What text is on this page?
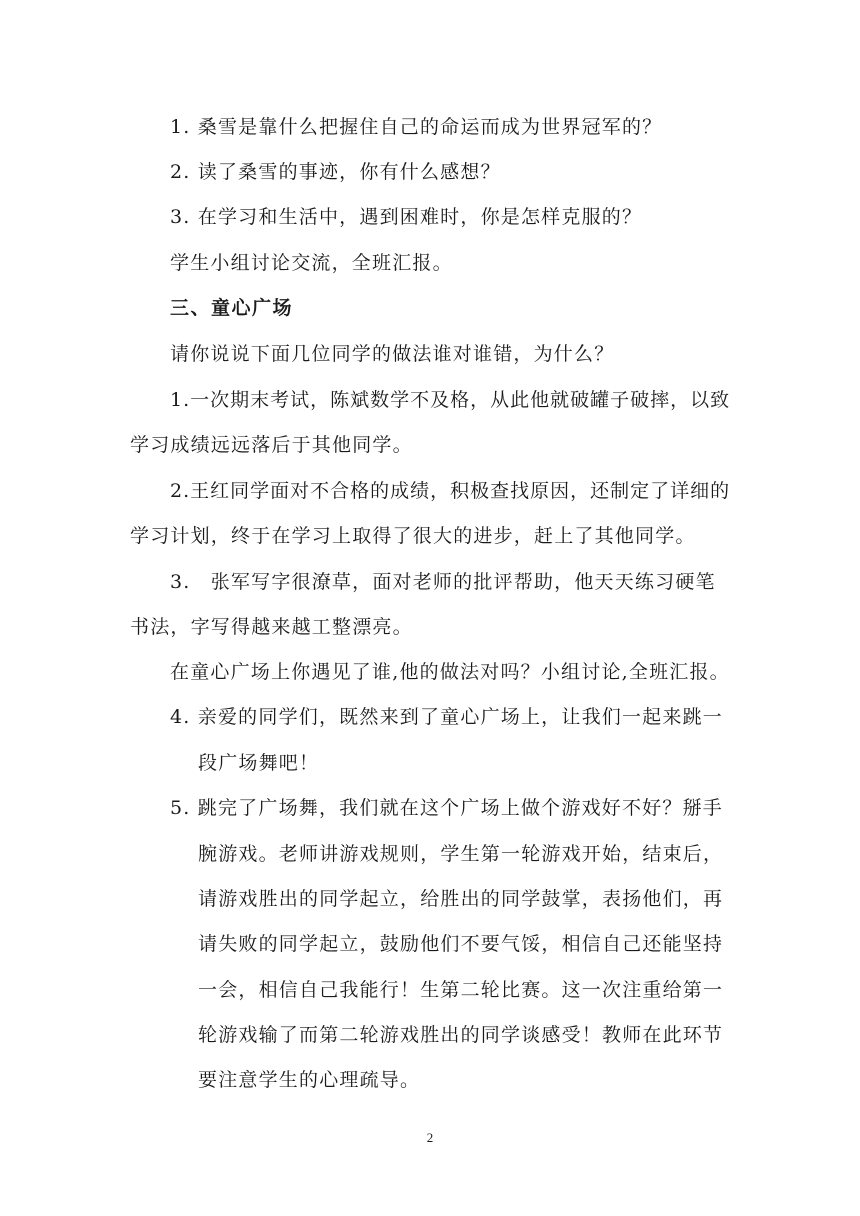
1. 桑雪是靠什么把握住自己的命运而成为世界冠军的？
2. 读了桑雪的事迹，你有什么感想？
3. 在学习和生活中，遇到困难时，你是怎样克服的？
学生小组讨论交流，全班汇报。
三、童心广场
请你说说下面几位同学的做法谁对谁错，为什么？
1.一次期末考试，陈斌数学不及格，从此他就破罐子破摔，以致
学习成绩远远落后于其他同学。
2.王红同学面对不合格的成绩，积极查找原因，还制定了详细的
学习计划，终于在学习上取得了很大的进步，赶上了其他同学。
3.　张军写字很潦草，面对老师的批评帮助，他天天练习硬笔
书法，字写得越来越工整漂亮。
在童心广场上你遇见了谁,他的做法对吗？小组讨论,全班汇报。
4. 亲爱的同学们，既然来到了童心广场上，让我们一起来跳一
段广场舞吧！
5. 跳完了广场舞，我们就在这个广场上做个游戏好不好？掰手
腕游戏。老师讲游戏规则，学生第一轮游戏开始，结束后，
请游戏胜出的同学起立，给胜出的同学鼓掌，表扬他们，再
请失败的同学起立，鼓励他们不要气馁，相信自己还能坚持
一会，相信自己我能行！生第二轮比赛。这一次注重给第一
轮游戏输了而第二轮游戏胜出的同学谈感受！教师在此环节
要注意学生的心理疏导。
2
